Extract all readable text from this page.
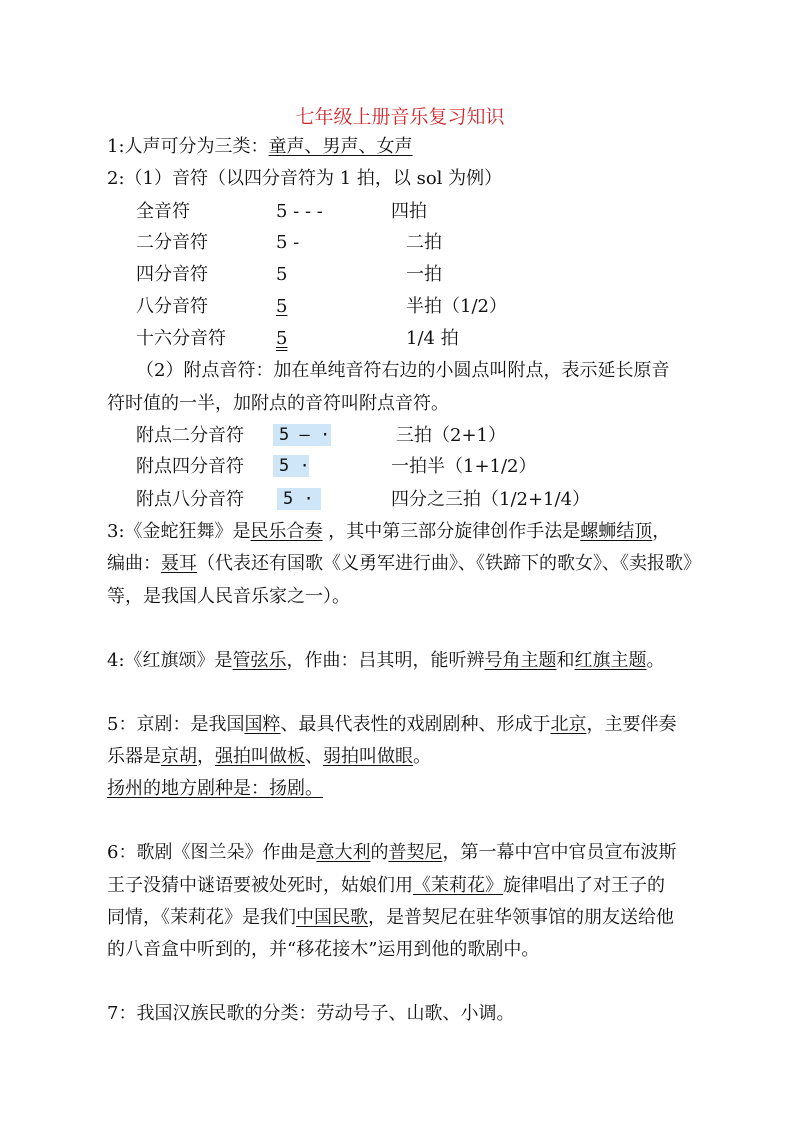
七年级上册音乐复习知识
1:人声可分为三类：童声、男声、女声
2:（1）音符（以四分音符为 1 拍，以 sol 为例）
全音符	5 - - -	四拍
二分音符	5 -	二拍
四分音符	5	一拍
八分音符	5	半拍（1/2）
十六分音符	5	1/4 拍
（2）附点音符：加在单纯音符右边的小圆点叫附点，表示延长原音
符时值的一半，加附点的音符叫附点音符。
附点二分音符	5 — ·	三拍（2+1）
附点四分音符	5 ·	一拍半（1+1/2）
附点八分音符	5 ·	四分之三拍（1/2+1/4）
3:《金蛇狂舞》是民乐合奏 ，其中第三部分旋律创作手法是螺蛳结顶，
编曲：聂耳（代表还有国歌《义勇军进行曲》、《铁蹄下的歌女》、《卖报歌》
等，是我国人民音乐家之一）。
4:《红旗颂》是管弦乐，作曲：吕其明，能听辨号角主题和红旗主题。
5：京剧：是我国国粹、最具代表性的戏剧剧种、形成于北京，主要伴奏
乐器是京胡，强拍叫做板、弱拍叫做眼。
扬州的地方剧种是：扬剧。
6：歌剧《图兰朵》作曲是意大利的普契尼，第一幕中宫中官员宣布波斯
王子没猜中谜语要被处死时，姑娘们用《茉莉花》旋律唱出了对王子的
同情，《茉莉花》是我们中国民歌，是普契尼在驻华领事馆的朋友送给他
的八音盒中听到的，并“移花接木”运用到他的歌剧中。
7：我国汉族民歌的分类：劳动号子、山歌、小调。
